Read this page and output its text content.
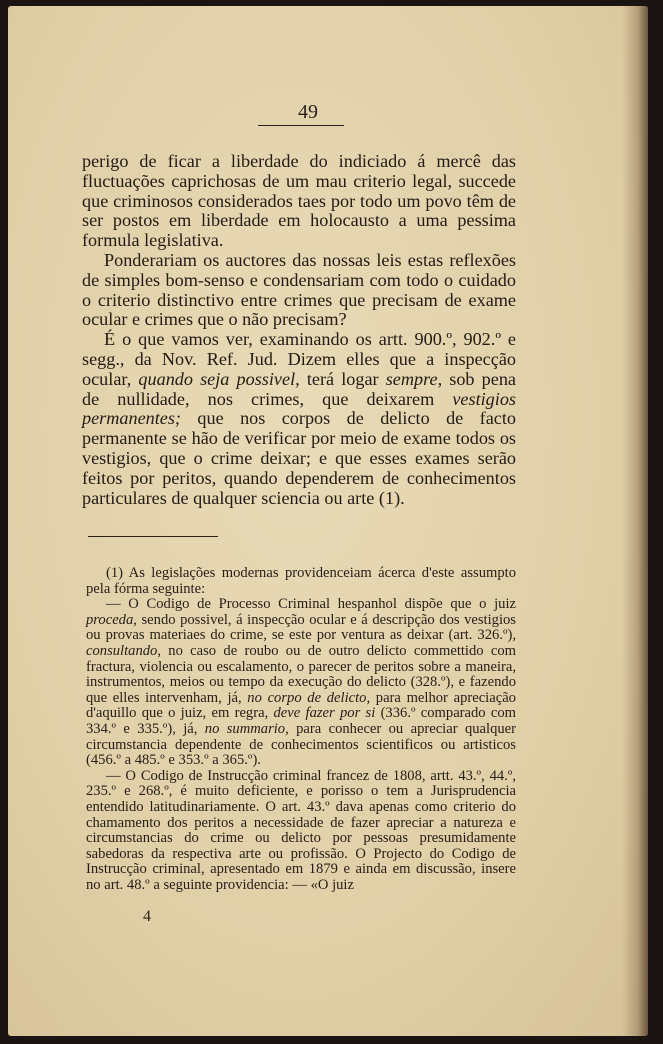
49

perigo de ficar a liberdade do indiciado á mercê das fluctuações caprichosas de um mau criterio legal, succede que criminosos considerados taes por todo um povo têm de ser postos em liberdade em holocausto a uma pessima formula legislativa.

Ponderariam os auctores das nossas leis estas reflexões de simples bom-senso e condensariam com todo o cuidado o criterio distinctivo entre crimes que precisam de exame ocular e crimes que o não precisam?

É o que vamos ver, examinando os artt. 900.º, 902.º e segg., da Nov. Ref. Jud. Dizem elles que a inspecção ocular, quando seja possivel, terá logar sempre, sob pena de nullidade, nos crimes, que deixarem vestigios permanentes; que nos corpos de delicto de facto permanente se hão de verificar por meio de exame todos os vestigios, que o crime deixar; e que esses exames serão feitos por peritos, quando dependerem de conhecimentos particulares de qualquer sciencia ou arte (1).

(1) As legislações modernas providenceiam ácerca d'este assumpto pela fórma seguinte:

— O Codigo de Processo Criminal hespanhol dispõe que o juiz proceda, sendo possivel, á inspecção ocular e á descripção dos vestigios ou provas materiaes do crime, se este por ventura as deixar (art. 326.º), consultando, no caso de roubo ou de outro delicto commettido com fractura, violencia ou escalamento, o parecer de peritos sobre a maneira, instrumentos, meios ou tempo da execução do delicto (328.º), e fazendo que elles intervenham, já, no corpo de delicto, para melhor apreciação d'aquillo que o juiz, em regra, deve fazer por si (336.º comparado com 334.º e 335.º), já, no summario, para conhecer ou apreciar qualquer circumstancia dependente de conhecimentos scientificos ou artisticos (456.º a 485.º e 353.º a 365.º).

— O Codigo de Instrucção criminal francez de 1808, artt. 43.º, 44.º, 235.º e 268.º, é muito deficiente, e porisso o tem a Jurisprudencia entendido latitudinariamente. O art. 43.º dava apenas como criterio do chamamento dos peritos a necessidade de fazer apreciar a natureza e circumstancias do crime ou delicto por pessoas presumidamente sabedoras da respectiva arte ou profissão. O Projecto do Codigo de Instrucção criminal, apresentado em 1879 e ainda em discussão, insere no art. 48.º a seguinte providencia: — «O juiz

4
